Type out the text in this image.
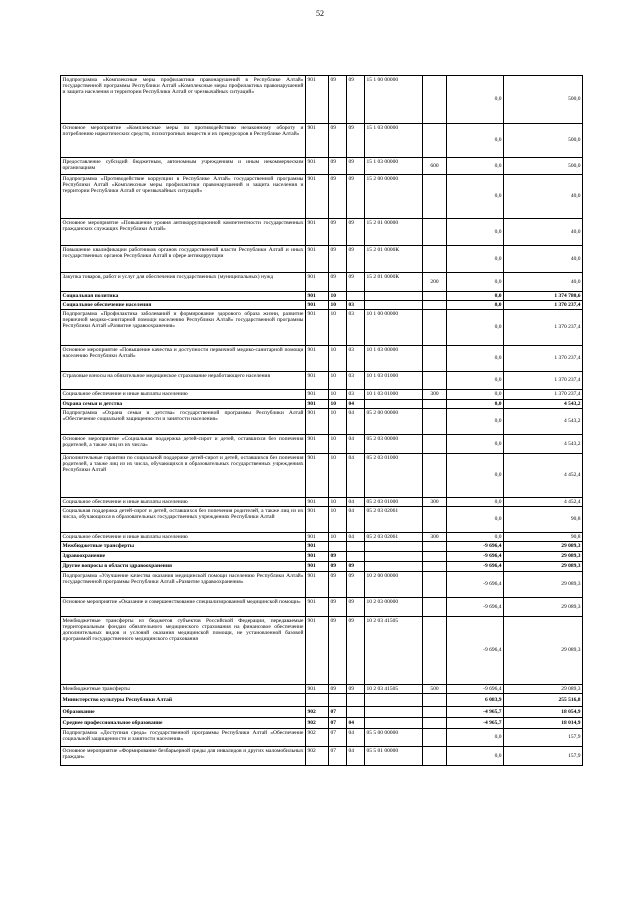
52
Подпрограмма «Комплексные меры профилактики правонарушений в Республике Алтай» государственной программы Республики Алтай «Комплексные меры профилактика правонарушений и защита населения и территории Республики Алтай от чрезвычайных ситуаций»	901	09	09	15 1 00 00000		0,0	500,0
Основное мероприятие «Комплексные меры по противодействию незаконному обороту и потреблению наркотических средств, психотропных веществ и их прекурсоров в Республике Алтай»	901	09	09	15 1 03 00000		0,0	500,0
Предоставление субсидий бюджетным, автономным учреждениям и иным некоммерческим организациям	901	09	09	15 1 03 00000	600	0,0	500,0
Подпрограмма «Противодействие коррупции в Республике Алтай» государственной программы Республики Алтай «Комплексные меры профилактики правонарушений и защита населения и территории Республики Алтай от чрезвычайных ситуаций»	901	09	09	15 2 00 00000		0,0	40,0
Основное мероприятие «Повышение уровня антикоррупционной компетентности государственных гражданских служащих Республики Алтай»	901	09	09	15 2 01 00000		0,0	40,0
Повышение квалификации работников органов государственной власти Республики Алтай и иных государственных органов Республики Алтай в сфере антикоррупции	901	09	09	15 2 01 0000К		0,0	40,0
Закупка товаров, работ и услуг для обеспечения государственных (муниципальных) нужд	901	09	09	15 2 01 0000К	200	0,0	40,0
Социальная политика	901	10				0,0	1 374 780,6
Социальное обеспечение населения	901	10	03			0,0	1 370 237,4
Подпрограмма «Профилактика заболеваний и формирование здорового образа жизни, развитие первичной медико-санитарной помощи населению Республики Алтай» государственной программы Республики Алтай «Развитие здравоохранения»	901	10	03	10 1 00 00000		0,0	1 370 237,4
Основное мероприятие «Повышение качества и доступности первичной медико-санитарной помощи населению Республики Алтай»	901	10	03	10 1 03 00000		0,0	1 370 237,4
Страховые взносы на обязательное медицинское страхование неработающего населения	901	10	03	10 1 03 01000		0,0	1 370 237,4
Социальное обеспечение и иные выплаты населению	901	10	03	10 1 03 01000	300	0,0	1 370 237,4
Охрана семьи и детства	901	10	04			0,0	4 543,2
Подпрограмма «Охрана семьи и детства» государственной программы Республики Алтай «Обеспечение социальной защищенности и занятости населения»	901	10	04	05 2 00 00000		0,0	4 543,2
Основное мероприятие «Социальная поддержка детей-сирот и детей, оставшихся без попечения родителей, а также лиц из их числа»	901	10	04	05 2 03 00000		0,0	4 543,2
Дополнительные гарантии по социальной поддержке детей-сирот и детей, оставшихся без попечения родителей, а также лиц из их числа, обучающихся в образовательных государственных учреждениях Республики Алтай	901	10	04	05 2 03 01000		0,0	4 452,4
Социальное обеспечение и иные выплаты населению	901	10	04	05 2 03 01000	300	0,0	4 452,4
Социальная поддержка детей-сирот и детей, оставшихся без попечения родителей, а также лиц из их числа, обучающихся в образовательных государственных учреждениях Республики Алтай	901	10	04	05 2 03 02061		0,0	90,8
Социальное обеспечение и иные выплаты населению	901	10	04	05 2 03 02061	300	0,0	90,8
Межбюджетные трансферты	901					-9 696,4	29 089,3
Здравоохранение	901	09				-9 696,4	29 089,3
Другие вопросы в области здравоохранения	901	09	09			-9 696,4	29 089,3
Подпрограмма «Улучшение качества оказания медицинской помощи населению Республики Алтай» государственной программы Республики Алтай «Развитие здравоохранения»	901	09	09	10 2 00 00000		-9 696,4	29 089,3
Основное мероприятие «Оказание и совершенствование специализированной медицинской помощи»	901	09	09	10 2 03 00000		-9 696,4	29 089,3
Межбюджетные трансферты из бюджетов субъектов Российской Федерации, передаваемые территориальным фондам обязательного медицинского страхования на финансовое обеспечение дополнительных видов и условий оказания медицинской помощи, не установленной базовой программой государственного медицинского страхования	901	09	09	10 2 03 41505		-9 696,4	29 089,3
Межбюджетные трансферты	901	09	09	10 2 03 41505	500	-9 696,4	29 089,3
Министерство культуры Республики Алтай						6 083,9	255 516,8
Образование	902	07				-4 965,7	18 054,9
Среднее профессиональное образование	902	07	04			-4 965,7	18 014,9
Подпрограмма «Доступная среда» государственной программы Республики Алтай «Обеспечение социальной защищенности и занятости населения»	902	07	04	05 5 00 00000		0,0	157,9
Основное мероприятие «Формирование безбарьерной среды для инвалидов и других маломобильных граждан»	902	07	04	05 5 01 00000		0,0	157,9
